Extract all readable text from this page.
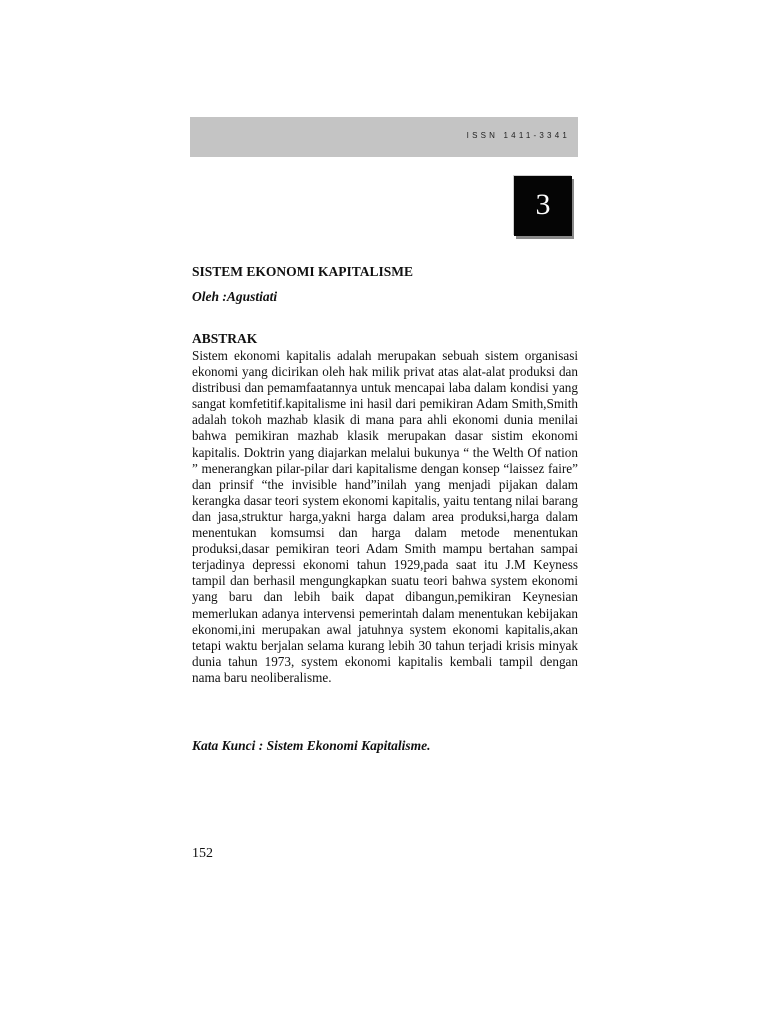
ISSN 1411-3341
3
SISTEM EKONOMI KAPITALISME

Oleh :Agustiati

ABSTRAK

Sistem ekonomi kapitalis adalah merupakan sebuah sistem organisasi ekonomi yang dicirikan oleh hak milik privat atas alat-alat produksi dan distribusi dan pemamfaatannya untuk mencapai laba dalam kondisi yang sangat komfetitif.kapitalisme ini hasil dari pemikiran Adam Smith,Smith adalah tokoh mazhab klasik di mana para ahli ekonomi dunia menilai bahwa pemikiran mazhab klasik merupakan dasar sistim ekonomi kapitalis. Doktrin yang diajarkan melalui bukunya “ the Welth Of nation ” menerangkan pilar-pilar dari kapitalisme dengan konsep “laissez faire” dan prinsif “the invisible hand”inilah yang menjadi pijakan dalam kerangka dasar teori system ekonomi kapitalis, yaitu tentang nilai barang dan jasa,struktur harga,yakni harga dalam area produksi,harga dalam menentukan komsumsi dan harga dalam metode menentukan produksi,dasar pemikiran teori Adam Smith mampu bertahan sampai terjadinya depressi ekonomi tahun 1929,pada saat itu J.M Keyness tampil dan berhasil mengungkapkan suatu teori bahwa system ekonomi yang baru dan lebih baik dapat dibangun,pemikiran Keynesian memerlukan adanya intervensi pemerintah dalam menentukan kebijakan ekonomi,ini merupakan awal jatuhnya system ekonomi kapitalis,akan tetapi waktu berjalan selama kurang lebih 30 tahun terjadi krisis minyak dunia tahun 1973, system ekonomi kapitalis kembali tampil dengan nama baru neoliberalisme.

Kata Kunci : Sistem Ekonomi Kapitalisme.

152
